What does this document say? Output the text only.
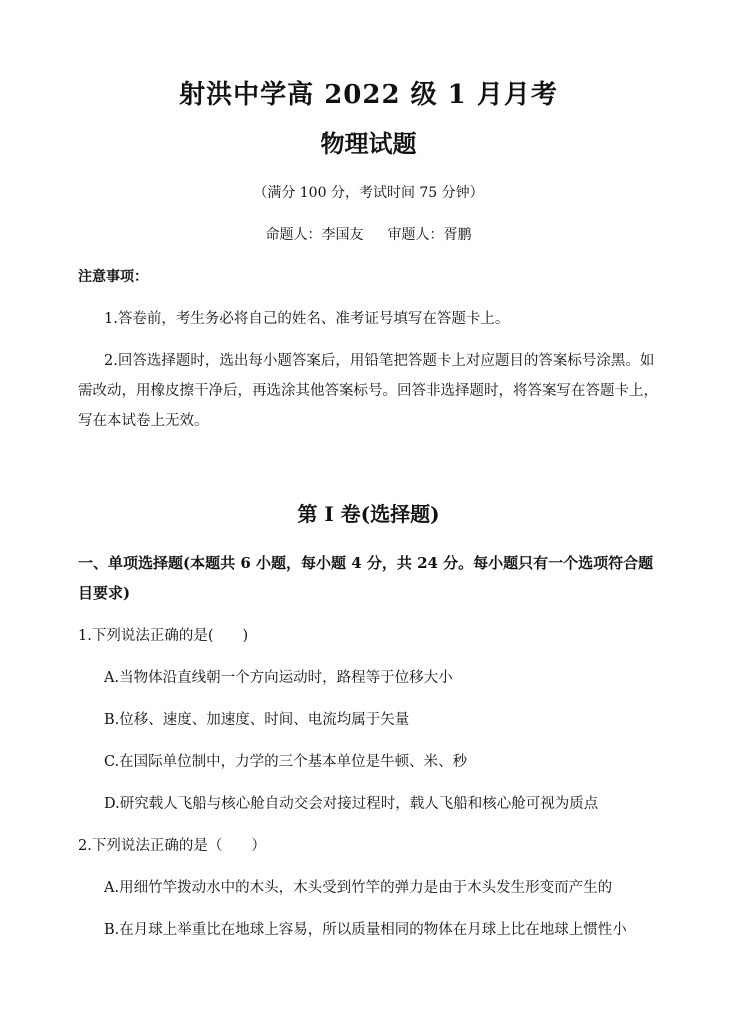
射洪中学高 2022 级 1 月月考
物理试题
（满分 100 分，考试时间 75 分钟）
命题人：李国友 审题人：胥鹏
注意事项：
1.答卷前，考生务必将自己的姓名、准考证号填写在答题卡上。
2.回答选择题时，选出每小题答案后，用铅笔把答题卡上对应题目的答案标号涂黑。如需改动，用橡皮擦干净后，再选涂其他答案标号。回答非选择题时，将答案写在答题卡上，写在本试卷上无效。
第 I 卷(选择题)
一、单项选择题(本题共 6 小题，每小题 4 分，共 24 分。每小题只有一个选项符合题目要求)
1.下列说法正确的是(　　)
A.当物体沿直线朝一个方向运动时，路程等于位移大小
B.位移、速度、加速度、时间、电流均属于矢量
C.在国际单位制中，力学的三个基本单位是牛顿、米、秒
D.研究载人飞船与核心舱自动交会对接过程时，载人飞船和核心舱可视为质点
2.下列说法正确的是（　　）
A.用细竹竿拨动水中的木头，木头受到竹竿的弹力是由于木头发生形变而产生的
B.在月球上举重比在地球上容易，所以质量相同的物体在月球上比在地球上惯性小
